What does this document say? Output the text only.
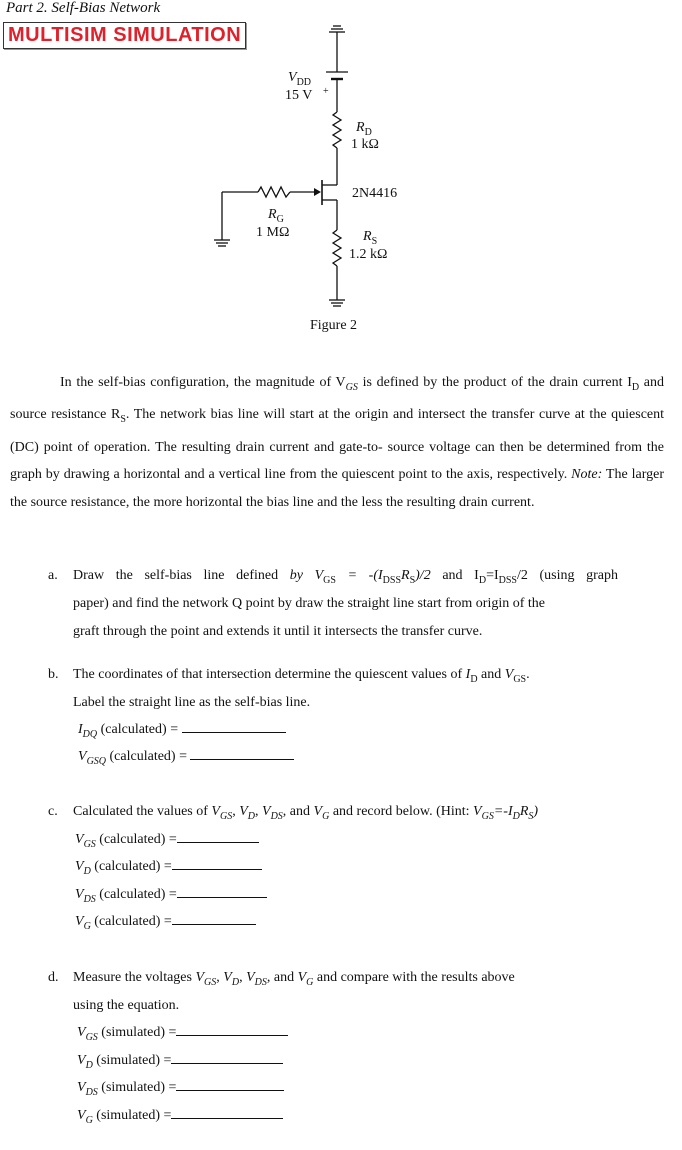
Part 2. Self-Bias Network
MULTISIM SIMULATION
$V_{DD}$
15 V +
$R_D$
1 kΩ
2N4416
$R_G$
1 MΩ	$R_S$
1.2 kΩ
Figure 2
In the self-bias configuration, the magnitude of $V_{GS}$ is defined by the product of the drain current $I_D$ and source resistance $R_S$. The network bias line will start at the origin and intersect the transfer curve at the quiescent (DC) point of operation. The resulting drain current and gate-to- source voltage can then be determined from the graph by drawing a horizontal and a vertical line from the quiescent point to the axis, respectively. Note: The larger the source resistance, the more horizontal the bias line and the less the resulting drain current.
a. Draw the self-bias line defined by $V_{GS} = -(I_{DSS}R_S)/2$ and $I_D=I_{DSS}/2$ (using graph
paper) and find the network Q point by draw the straight line start from origin of the
graft through the point and extends it until it intersects the transfer curve.
b. The coordinates of that intersection determine the quiescent values of $I_D$ and $V_{GS}$.
Label the straight line as the self-bias line.
$I_{DQ}$ (calculated) =
$V_{GSQ}$ (calculated) =
c. Calculated the values of $V_{GS}$, $V_D$, $V_{DS}$, and $V_G$ and record below. (Hint: $V_{GS}=-I_DR_S$)
$V_{GS}$ (calculated) =
$V_D$ (calculated) =
$V_{DS}$ (calculated) =
$V_G$ (calculated) =
d. Measure the voltages $V_{GS}$, $V_D$, $V_{DS}$, and $V_G$ and compare with the results above
using the equation.
$V_{GS}$ (simulated) =
$V_D$ (simulated) =
$V_{DS}$ (simulated) =
$V_G$ (simulated) =
